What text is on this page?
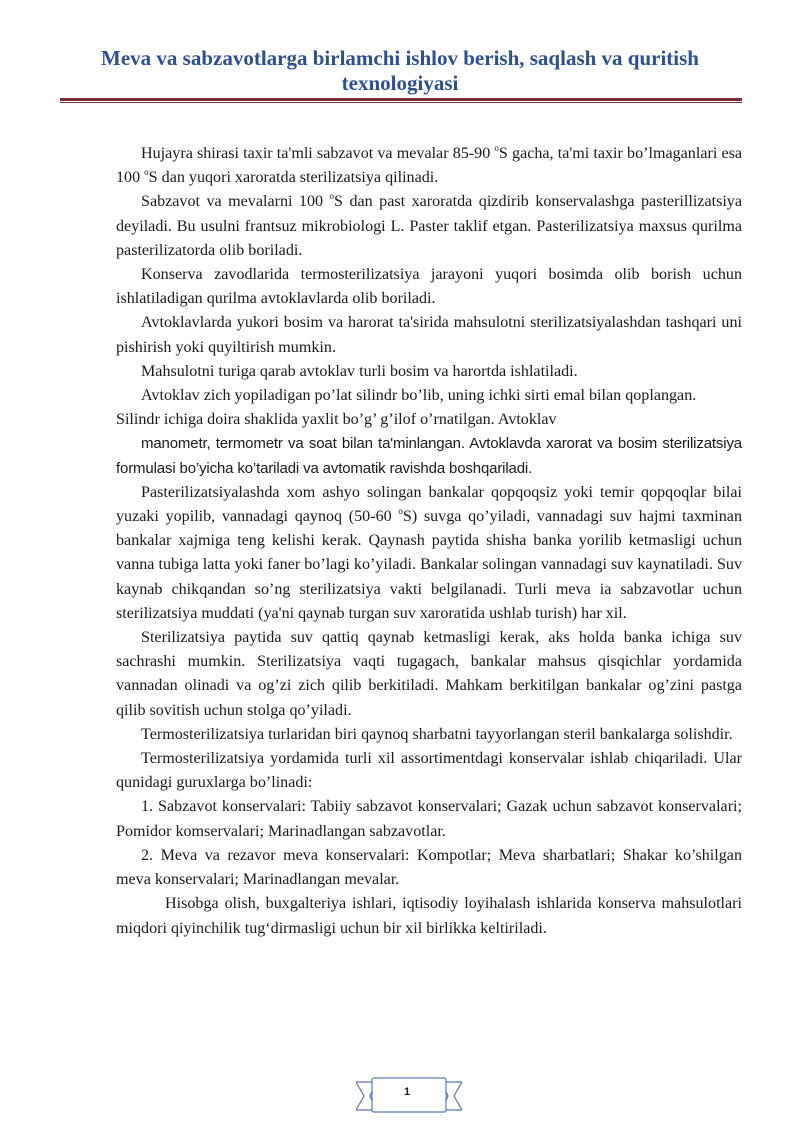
Meva va sabzavotlarga birlamchi ishlov berish, saqlash va quritish texnologiyasi

Hujayra shirasi taxir ta'mli sabzavot va mevalar 85-90 $^o$S gacha, ta'mi taxir bo’lmaganlari esa 100 $^o$S dan yuqori xaroratda sterilizatsiya qilinadi.

Sabzavot va mevalarni 100 $^o$S dan past xaroratda qizdirib konservalashga pasterillizatsiya deyiladi. Bu usulni frantsuz mikrobiologi L. Paster taklif etgan. Pasterilizatsiya maxsus qurilma pasterilizatorda olib boriladi.

Konserva zavodlarida termosterilizatsiya jarayoni yuqori bosimda olib borish uchun ishlatiladigan qurilma avtoklavlarda olib boriladi.

Avtoklavlarda yukori bosim va harorat ta'sirida mahsulotni sterilizatsiyalashdan tashqari uni pishirish yoki quyiltirish mumkin.

Mahsulotni turiga qarab avtoklav turli bosim va harortda ishlatiladi.

Avtoklav zich yopiladigan po’lat silindr bo’lib, uning ichki sirti emal bilan qoplangan. Silindr ichiga doira shaklida yaxlit bo’g’ g’ilof o’rnatilgan. Avtoklav

manometr, termometr va soat bilan ta'minlangan. Avtoklavda xarorat va bosim sterilizatsiya formulasi bo’yicha ko’tariladi va avtomatik ravishda boshqariladi.

Pasterilizatsiyalashda xom ashyo solingan bankalar qopqoqsiz yoki temir qopqoqlar bilai yuzaki yopilib, vannadagi qaynoq (50-60 $^o$S) suvga qo’yiladi, vannadagi suv hajmi taxminan bankalar xajmiga teng kelishi kerak. Qaynash paytida shisha banka yorilib ketmasligi uchun vanna tubiga latta yoki faner bo’lagi ko’yiladi. Bankalar solingan vannadagi suv kaynatiladi. Suv kaynab chikqandan so’ng sterilizatsiya vakti belgilanadi. Turli meva ia sabzavotlar uchun sterilizatsiya muddati (ya'ni qaynab turgan suv xaroratida ushlab turish) har xil.

Sterilizatsiya paytida suv qattiq qaynab ketmasligi kerak, aks holda banka ichiga suv sachrashi mumkin. Sterilizatsiya vaqti tugagach, bankalar mahsus qisqichlar yordamida vannadan olinadi va og’zi zich qilib berkitiladi. Mahkam berkitilgan bankalar og’zini pastga qilib sovitish uchun stolga qo’yiladi.

Termosterilizatsiya turlaridan biri qaynoq sharbatni tayyorlangan steril bankalarga solishdir.

Termosterilizatsiya yordamida turli xil assortimentdagi konservalar ishlab chiqariladi. Ular qunidagi guruxlarga bo’linadi:

1. Sabzavot konservalari: Tabiiy sabzavot konservalari; Gazak uchun sabzavot konservalari; Pomidor komservalari; Marinadlangan sabzavotlar.

2. Meva va rezavor meva konservalari: Kompotlar; Meva sharbatlari; Shakar ko’shilgan meva konservalari; Marinadlangan mevalar.

Hisobga olish, buxgalteriya ishlari, iqtisodiy loyihalash ishlarida konserva mahsulotlari miqdori qiyinchilik tug‘dirmasligi uchun bir xil birlikka keltiriladi.

1
